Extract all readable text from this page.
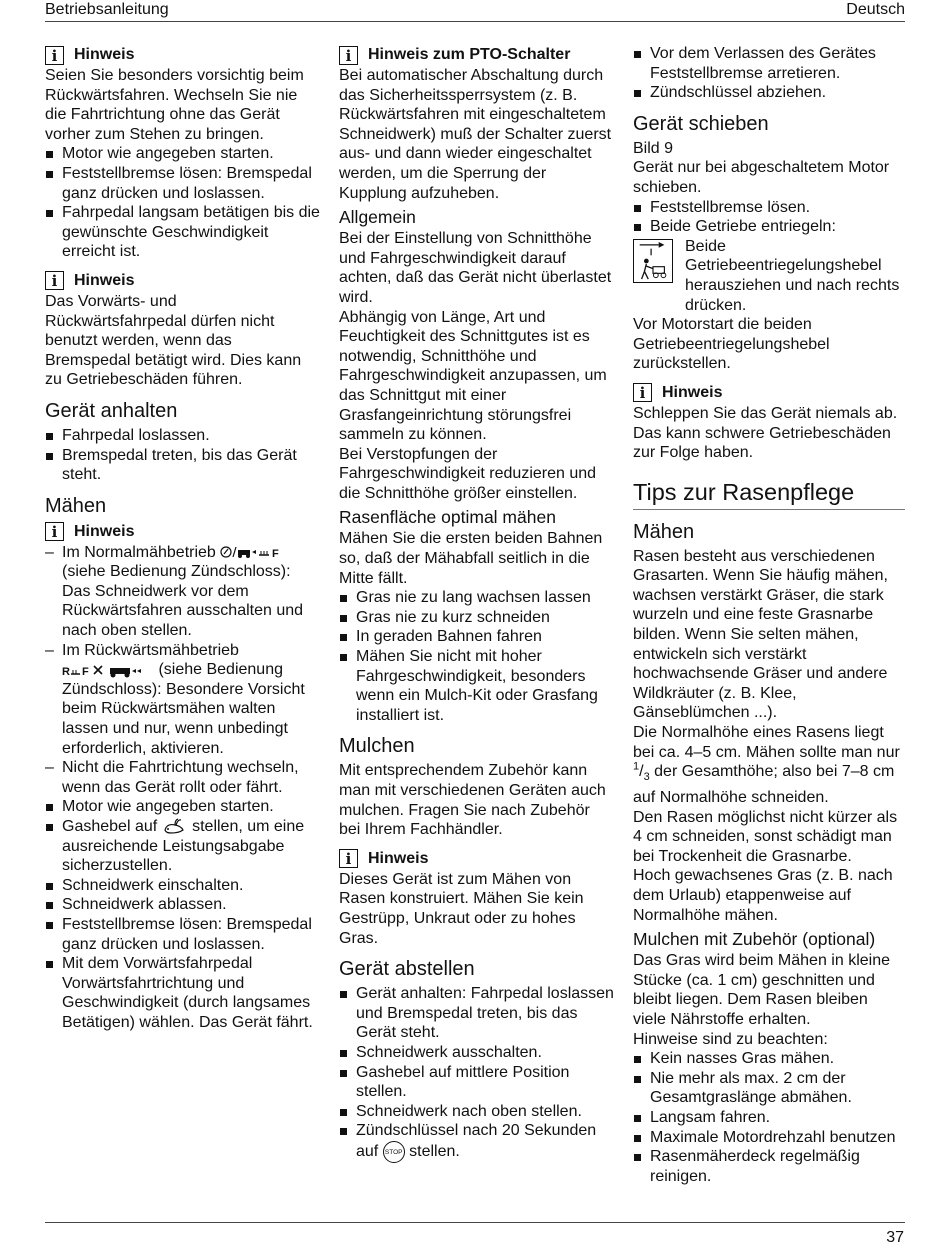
Betriebsanleitung	Deutsch
i	Hinweis

Seien Sie besonders vorsichtig beim Rückwärtsfahren. Wechseln Sie nie die Fahrtrichtung ohne das Gerät vorher zum Stehen zu bringen.

Motor wie angegeben starten.
Feststellbremse lösen: Bremspedal ganz drücken und loslassen.
Fahrpedal langsam betätigen bis die gewünschte Geschwindigkeit erreicht ist.
i	Hinweis

Das Vorwärts- und Rückwärtsfahrpedal dürfen nicht benutzt werden, wenn das Bremspedal betätigt wird. Dies kann zu Getriebeschäden führen.

Gerät anhalten
Fahrpedal loslassen.
Bremspedal treten, bis das Gerät steht.
Mähen
i	Hinweis
– Im Normalmähbetrieb	F
(siehe Bedienung Zündschloss): Das Schneidwerk vor dem Rückwärtsfahren ausschalten und nach oben stellen.
– Im Rückwärtsmähbetrieb

R F	(siehe Bedienung Zündschloss): Besondere Vorsicht beim Rückwärtsmähen walten lassen und nur, wenn unbedingt erforderlich, aktivieren.
– Nicht die Fahrtrichtung wechseln, wenn das Gerät rollt oder fährt.
Motor wie angegeben starten.
Gashebel auf stellen, um eine ausreichende Leistungsabgabe sicherzustellen.
Schneidwerk einschalten.
Schneidwerk ablassen.
Feststellbremse lösen: Bremspedal ganz drücken und loslassen.
Mit dem Vorwärtsfahrpedal Vorwärtsfahrtrichtung und Geschwindigkeit (durch langsames Betätigen) wählen. Das Gerät fährt.
i	Hinweis zum PTO-Schalter

Bei automatischer Abschaltung durch das Sicherheitssperrsystem (z. B. Rückwärtsfahren mit eingeschaltetem Schneidwerk) muß der Schalter zuerst aus- und dann wieder eingeschaltet werden, um die Sperrung der Kupplung aufzuheben.

Allgemein

Bei der Einstellung von Schnitthöhe und Fahrgeschwindigkeit darauf achten, daß das Gerät nicht überlastet wird.

Abhängig von Länge, Art und Feuchtigkeit des Schnittgutes ist es notwendig, Schnitthöhe und Fahrgeschwindigkeit anzupassen, um das Schnittgut mit einer Grasfangeinrichtung störungsfrei sammeln zu können.

Bei Verstopfungen der Fahrgeschwindigkeit reduzieren und die Schnitthöhe größer einstellen.

Rasenfläche optimal mähen

Mähen Sie die ersten beiden Bahnen so, daß der Mähabfall seitlich in die Mitte fällt.

Gras nie zu lang wachsen lassen
Gras nie zu kurz schneiden
In geraden Bahnen fahren
Mähen Sie nicht mit hoher Fahrgeschwindigkeit, besonders wenn ein Mulch-Kit oder Grasfang installiert ist.
Mulchen

Mit entsprechendem Zubehör kann man mit verschiedenen Geräten auch mulchen. Fragen Sie nach Zubehör bei Ihrem Fachhändler.

i	Hinweis

Dieses Gerät ist zum Mähen von Rasen konstruiert. Mähen Sie kein Gestrüpp, Unkraut oder zu hohes Gras.

Gerät abstellen
Gerät anhalten: Fahrpedal loslassen und Bremspedal treten, bis das Gerät steht.
Schneidwerk ausschalten.
Gashebel auf mittlere Position stellen.
Schneidwerk nach oben stellen.
Zündschlüssel nach 20 Sekunden auf STOP stellen.
Vor dem Verlassen des Gerätes Feststellbremse arretieren.
Zündschlüssel abziehen.
Gerät schieben

Bild 9

Gerät nur bei abgeschaltetem Motor schieben.

Feststellbremse lösen.
Beide Getriebe entriegeln:

Beide Getriebeentriegelungshebel herausziehen und nach rechts drücken.

Vor Motorstart die beiden Getriebeentriegelungshebel zurückstellen.

i	Hinweis

Schleppen Sie das Gerät niemals ab. Das kann schwere Getriebeschäden zur Folge haben.

Tips zur Rasenpflege
Mähen

Rasen besteht aus verschiedenen Grasarten. Wenn Sie häufig mähen, wachsen verstärkt Gräser, die stark wurzeln und eine feste Grasnarbe bilden. Wenn Sie selten mähen, entwickeln sich verstärkt hochwachsende Gräser und andere Wildkräuter (z. B. Klee, Gänseblümchen ...).

Die Normalhöhe eines Rasens liegt bei ca. 4–5 cm. Mähen sollte man nur $^1/_3$ der Gesamthöhe; also bei 7–8 cm auf Normalhöhe schneiden.

Den Rasen möglichst nicht kürzer als 4 cm schneiden, sonst schädigt man bei Trockenheit die Grasnarbe.

Hoch gewachsenes Gras (z. B. nach dem Urlaub) etappenweise auf Normalhöhe mähen.

Mulchen mit Zubehör (optional)

Das Gras wird beim Mähen in kleine Stücke (ca. 1 cm) geschnitten und bleibt liegen. Dem Rasen bleiben viele Nährstoffe erhalten.

Hinweise sind zu beachten:

Kein nasses Gras mähen.
Nie mehr als max. 2 cm der Gesamtgraslänge abmähen.
Langsam fahren.
Maximale Motordrehzahl benutzen
Rasenmäherdeck regelmäßig reinigen.
37
